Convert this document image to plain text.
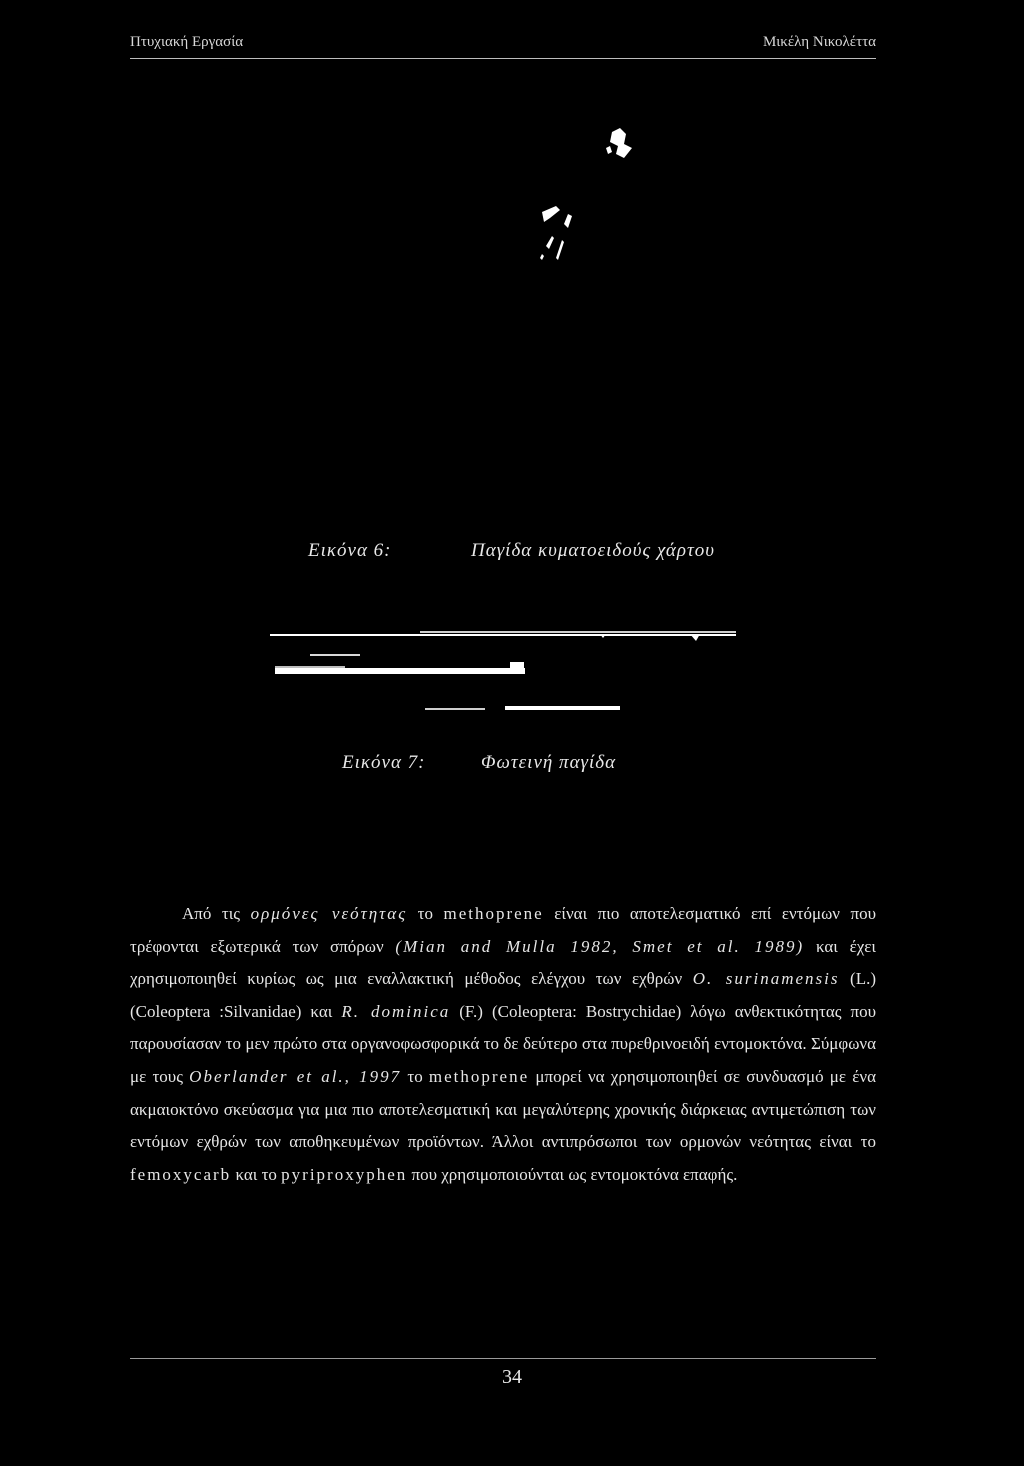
Πτυχιακή Εργασία	Μικέλη Νικολέττα
Εικόνα 6:	Παγίδα κυματοειδούς χάρτου
Εικόνα 7:	Φωτεινή παγίδα

Από τις ορμόνες νεότητας το methoprene είναι πιο αποτελεσματικό επί εντόμων που τρέφονται εξωτερικά των σπόρων (Mian and Mulla 1982, Smet et al. 1989) και έχει χρησιμοποιηθεί κυρίως ως μια εναλλακτική μέθοδος ελέγχου των εχθρών O. surinamensis (L.) (Coleoptera :Silvanidae) και R. dominica (F.) (Coleoptera: Bostrychidae) λόγω ανθεκτικότητας που παρουσίασαν το μεν πρώτο στα οργανοφωσφορικά το δε δεύτερο στα πυρεθρινοειδή εντομοκτόνα. Σύμφωνα με τους Oberlander et al., 1997 το methoprene μπορεί να χρησιμοποιηθεί σε συνδυασμό με ένα ακμαιοκτόνο σκεύασμα για μια πιο αποτελεσματική και μεγαλύτερης χρονικής διάρκειας αντιμετώπιση των εντόμων εχθρών των αποθηκευμένων προϊόντων. Άλλοι αντιπρόσωποι των ορμονών νεότητας είναι το femoxycarb και το pyriproxyphen που χρησιμοποιούνται ως εντομοκτόνα επαφής.

34
